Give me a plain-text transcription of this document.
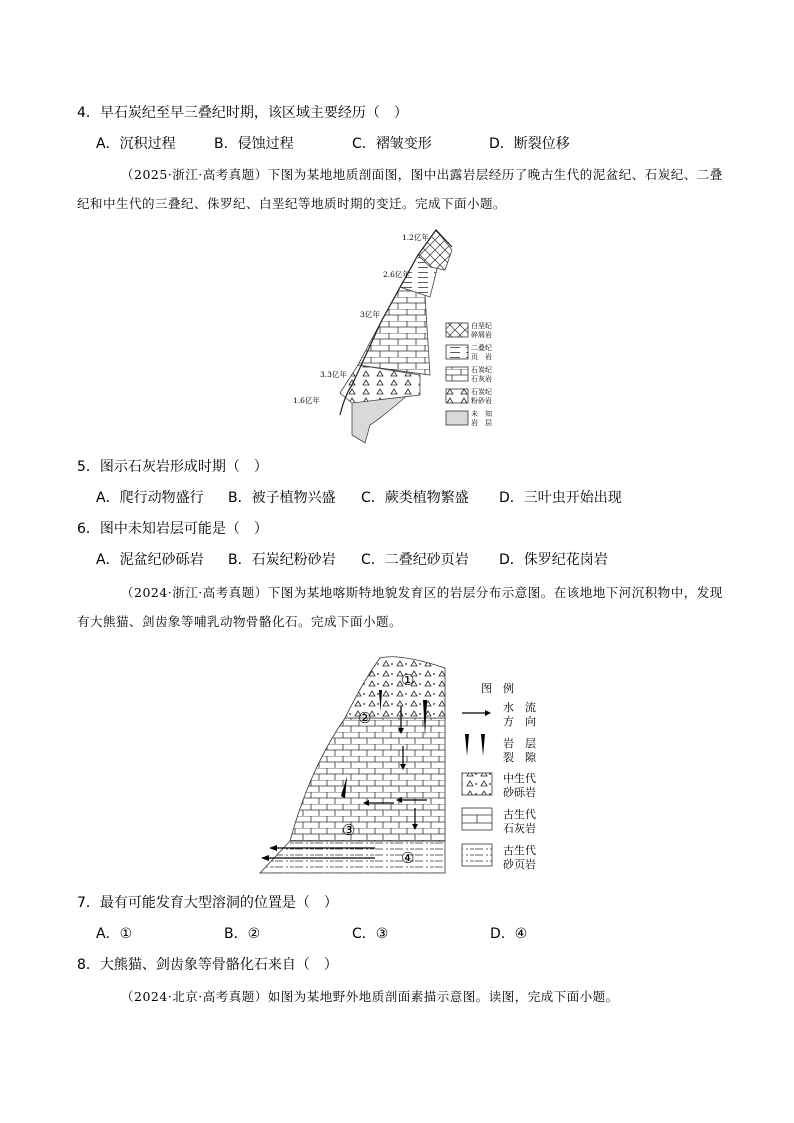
4．早石炭纪至早三叠纪时期，该区域主要经历（　）
A．沉积过程	B．侵蚀过程	C．褶皱变形	D．断裂位移
（2025·浙江·高考真题）下图为某地地质剖面图，图中出露岩层经历了晚古生代的泥盆纪、石炭纪、二叠纪和中生代的三叠纪、侏罗纪、白垩纪等地质时期的变迁。完成下面小题。
1.2亿年
2.6亿年
3亿年
3.3亿年
1.6亿年
白垩纪
碎屑岩
二叠纪
页　岩
石炭纪
石灰岩
石炭纪
粉砂岩
未　知
岩　层
5．图示石灰岩形成时期（　）
A．爬行动物盛行 B．被子植物兴盛 C．蕨类植物繁盛 D．三叶虫开始出现
6．图中未知岩层可能是（　）
A．泥盆纪砂砾岩 B．石炭纪粉砂岩 C．二叠纪砂页岩 D．侏罗纪花岗岩
（2024·浙江·高考真题）下图为某地喀斯特地貌发育区的岩层分布示意图。在该地地下河沉积物中，发现有大熊猫、剑齿象等哺乳动物骨骼化石。完成下面小题。
①
②
③
④
图　例
水　流
方　向
岩　层
裂　隙
中生代
砂砾岩
古生代
石灰岩
古生代
砂页岩
7．最有可能发育大型溶洞的位置是（　）
A．①	B．②	C．③	D．④
8．大熊猫、剑齿象等骨骼化石来自（　）
（2024·北京·高考真题）如图为某地野外地质剖面素描示意图。读图，完成下面小题。
